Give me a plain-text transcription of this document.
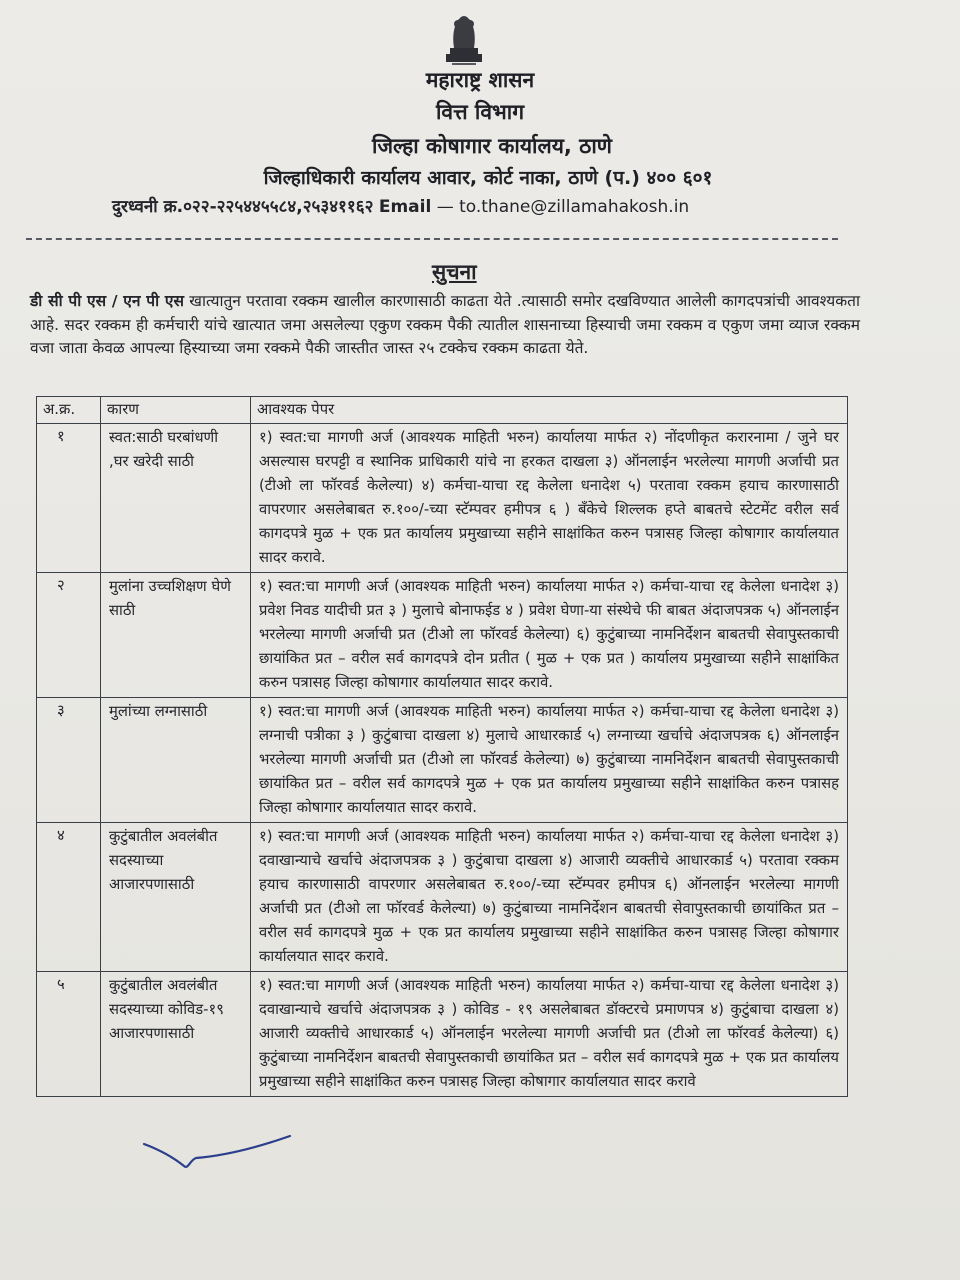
महाराष्ट्र शासन
वित्त विभाग
जिल्हा कोषागार कार्यालय, ठाणे
जिल्हाधिकारी कार्यालय आवार, कोर्ट नाका, ठाणे (प.) ४०० ६०१
दुरध्वनी क्र.०२२-२२५४४५५८४,२५३४११६२ Email — to.thane@zillamahakosh.in
सुचना
डी सी पी एस / एन पी एस खात्यातुन परतावा रक्कम खालील कारणासाठी काढता येते .त्यासाठी समोर दखविण्यात आलेली कागदपत्रांची आवश्यकता आहे. सदर रक्कम ही कर्मचारी यांचे खात्यात जमा असलेल्या एकुण रक्कम पैकी त्यातील शासनाच्या हिस्याची जमा रक्कम व एकुण जमा व्याज रक्कम वजा जाता केवळ आपल्या हिस्याच्या जमा रक्कमे पैकी जास्तीत जास्त २५ टक्केच रक्कम काढता येते.
अ.क्र.	कारण	आवश्यक पेपर
१	स्वत:साठी घरबांधणी ,घर खरेदी साठी	१) स्वत:चा मागणी अर्ज (आवश्यक माहिती भरुन) कार्यालया मार्फत २) नोंदणीकृत करारनामा / जुने घर असल्यास घरपट्टी व स्थानिक प्राधिकारी यांचे ना हरकत दाखला ३) ऑनलाईन भरलेल्या मागणी अर्जाची प्रत (टीओ ला फॉरवर्ड केलेल्या) ४) कर्मचा-याचा रद्द केलेला धनादेश ५) परतावा रक्कम हयाच कारणासाठी वापरणार असलेबाबत रु.१००/-च्या स्टॅम्पवर हमीपत्र ६ ) बँकेचे शिल्लक हप्ते बाबतचे स्टेटमेंट वरील सर्व कागदपत्रे मुळ + एक प्रत कार्यालय प्रमुखाच्या सहीने साक्षांकित करुन पत्रासह जिल्हा कोषागार कार्यालयात सादर करावे.
२	मुलांना उच्चशिक्षण घेणे साठी	१) स्वत:चा मागणी अर्ज (आवश्यक माहिती भरुन) कार्यालया मार्फत २) कर्मचा-याचा रद्द केलेला धनादेश ३) प्रवेश निवड यादीची प्रत ३ ) मुलाचे बोनाफईड ४ ) प्रवेश घेणा-या संस्थेचे फी बाबत अंदाजपत्रक ५) ऑनलाईन भरलेल्या मागणी अर्जाची प्रत (टीओ ला फॉरवर्ड केलेल्या) ६) कुटुंबाच्या नामनिर्देशन बाबतची सेवापुस्तकाची छायांकित प्रत – वरील सर्व कागदपत्रे दोन प्रतीत ( मुळ + एक प्रत ) कार्यालय प्रमुखाच्या सहीने साक्षांकित करुन पत्रासह जिल्हा कोषागार कार्यालयात सादर करावे.
३	मुलांच्या लग्नासाठी	१) स्वत:चा मागणी अर्ज (आवश्यक माहिती भरुन) कार्यालया मार्फत २) कर्मचा-याचा रद्द केलेला धनादेश ३) लग्नाची पत्रीका ३ ) कुटुंबाचा दाखला ४) मुलाचे आधारकार्ड ५) लग्नाच्या खर्चाचे अंदाजपत्रक ६) ऑनलाईन भरलेल्या मागणी अर्जाची प्रत (टीओ ला फॉरवर्ड केलेल्या) ७) कुटुंबाच्या नामनिर्देशन बाबतची सेवापुस्तकाची छायांकित प्रत – वरील सर्व कागदपत्रे मुळ + एक प्रत कार्यालय प्रमुखाच्या सहीने साक्षांकित करुन पत्रासह जिल्हा कोषागार कार्यालयात सादर करावे.
४	कुटुंबातील अवलंबीत सदस्याच्या आजारपणासाठी	१) स्वत:चा मागणी अर्ज (आवश्यक माहिती भरुन) कार्यालया मार्फत २) कर्मचा-याचा रद्द केलेला धनादेश ३) दवाखान्याचे खर्चाचे अंदाजपत्रक ३ ) कुटुंबाचा दाखला ४) आजारी व्यक्तीचे आधारकार्ड ५) परतावा रक्कम हयाच कारणासाठी वापरणार असलेबाबत रु.१००/-च्या स्टॅम्पवर हमीपत्र ६) ऑनलाईन भरलेल्या मागणी अर्जाची प्रत (टीओ ला फॉरवर्ड केलेल्या) ७) कुटुंबाच्या नामनिर्देशन बाबतची सेवापुस्तकाची छायांकित प्रत – वरील सर्व कागदपत्रे मुळ + एक प्रत कार्यालय प्रमुखाच्या सहीने साक्षांकित करुन पत्रासह जिल्हा कोषागार कार्यालयात सादर करावे.
५	कुटुंबातील अवलंबीत सदस्याच्या कोविड-१९ आजारपणासाठी	१) स्वत:चा मागणी अर्ज (आवश्यक माहिती भरुन) कार्यालया मार्फत २) कर्मचा-याचा रद्द केलेला धनादेश ३) दवाखान्याचे खर्चाचे अंदाजपत्रक ३ ) कोविड - १९ असलेबाबत डॉक्टरचे प्रमाणपत्र ४) कुटुंबाचा दाखला ४) आजारी व्यक्तीचे आधारकार्ड ५) ऑनलाईन भरलेल्या मागणी अर्जाची प्रत (टीओ ला फॉरवर्ड केलेल्या) ६) कुटुंबाच्या नामनिर्देशन बाबतची सेवापुस्तकाची छायांकित प्रत – वरील सर्व कागदपत्रे मुळ + एक प्रत कार्यालय प्रमुखाच्या सहीने साक्षांकित करुन पत्रासह जिल्हा कोषागार कार्यालयात सादर करावे
